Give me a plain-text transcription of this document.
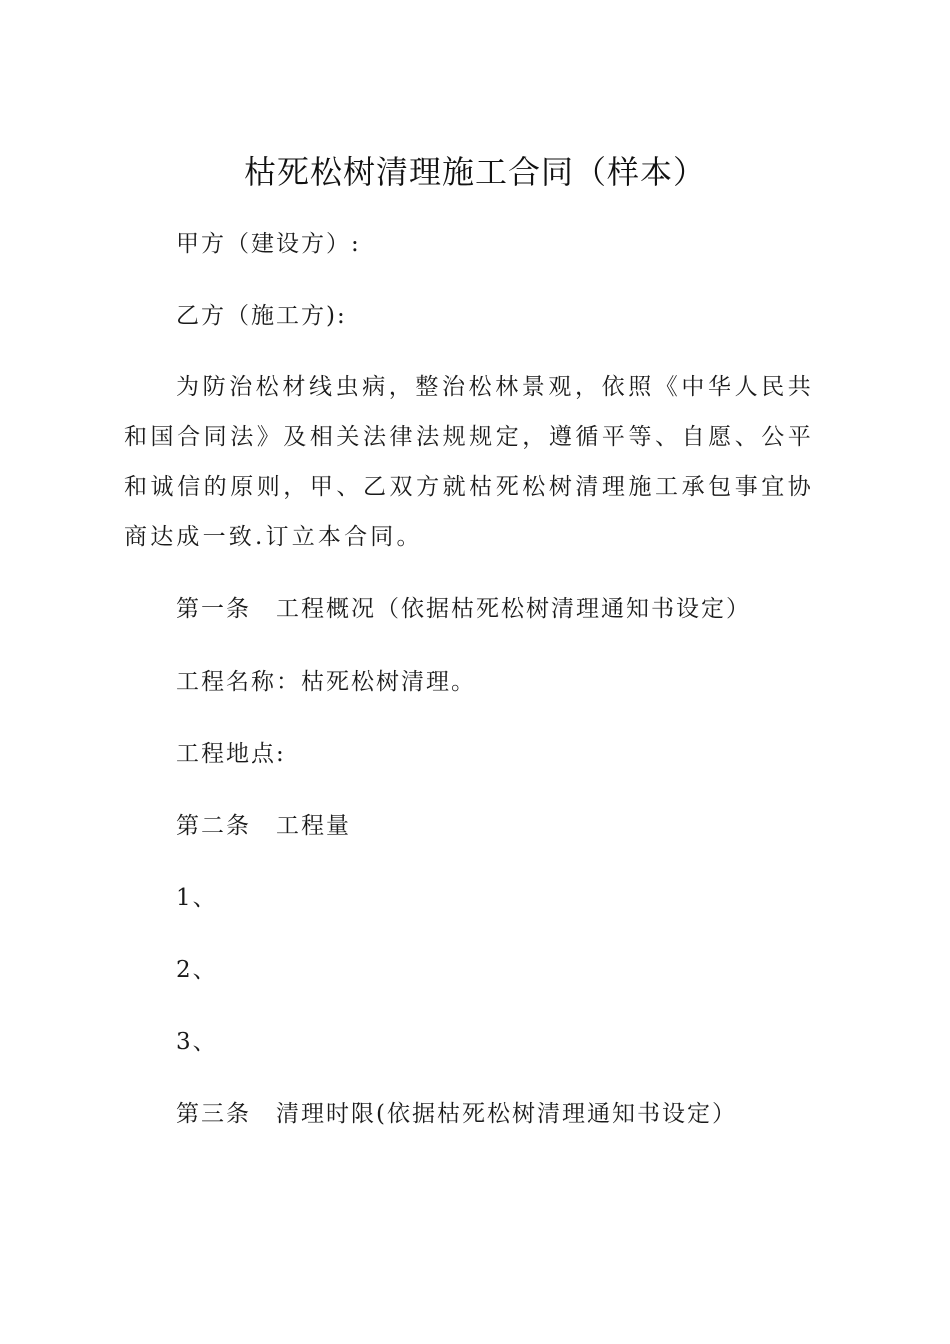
枯死松树清理施工合同（样本）
甲方（建设方）:
乙方（施工方):
为防治松材线虫病，整治松林景观，依照《中华人民共和国合同法》及相关法律法规规定，遵循平等、自愿、公平和诚信的原则，甲、乙双方就枯死松树清理施工承包事宜协商达成一致.订立本合同。
第一条　工程概况（依据枯死松树清理通知书设定）
工程名称：枯死松树清理。
工程地点:
第二条　工程量
1、
2、
3、
第三条　清理时限(依据枯死松树清理通知书设定）
